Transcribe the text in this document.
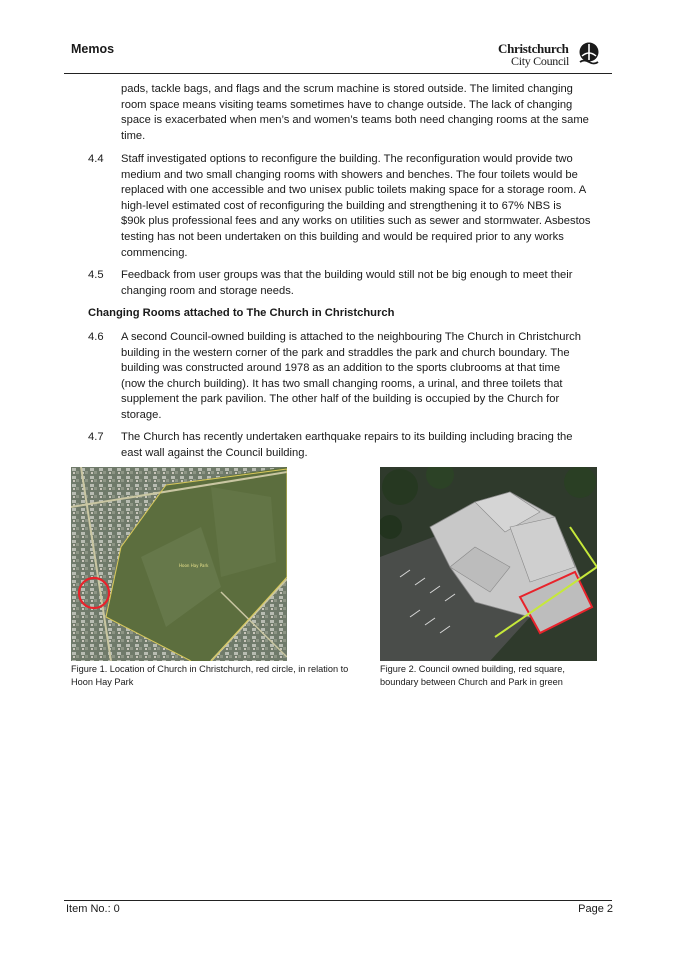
Memos	Christchurch
City Council
pads, tackle bags, and flags and the scrum machine is stored outside. The limited changing
room space means visiting teams sometimes have to change outside. The lack of changing
space is exacerbated when men’s and women’s teams both need changing rooms at the same
time.
4.4 Staff investigated options to reconfigure the building. The reconfiguration would provide two
medium and two small changing rooms with showers and benches. The four toilets would be
replaced with one accessible and two unisex public toilets making space for a storage room. A
high-level estimated cost of reconfiguring the building and strengthening it to 67% NBS is
$90k plus professional fees and any works on utilities such as sewer and stormwater. Asbestos
testing has not been undertaken on this building and would be required prior to any works
commencing.
4.5 Feedback from user groups was that the building would still not be big enough to meet their
changing room and storage needs.
Changing Rooms attached to The Church in Christchurch
4.6 A second Council-owned building is attached to the neighbouring The Church in Christchurch
building in the western corner of the park and straddles the park and church boundary. The
building was constructed around 1978 as an addition to the sports clubrooms at that time
(now the church building). It has two small changing rooms, a urinal, and three toilets that
supplement the park pavilion. The other half of the building is occupied by the Church for
storage.
4.7 The Church has recently undertaken earthquake repairs to its building including bracing the
east wall against the Council building.
Hoon Hay Park
Figure 1. Location of Church in Christchurch, red circle, in relation to
Hoon Hay Park
Figure 2. Council owned building, red square,
boundary between Church and Park in green
Item No.: 0	Page 2
